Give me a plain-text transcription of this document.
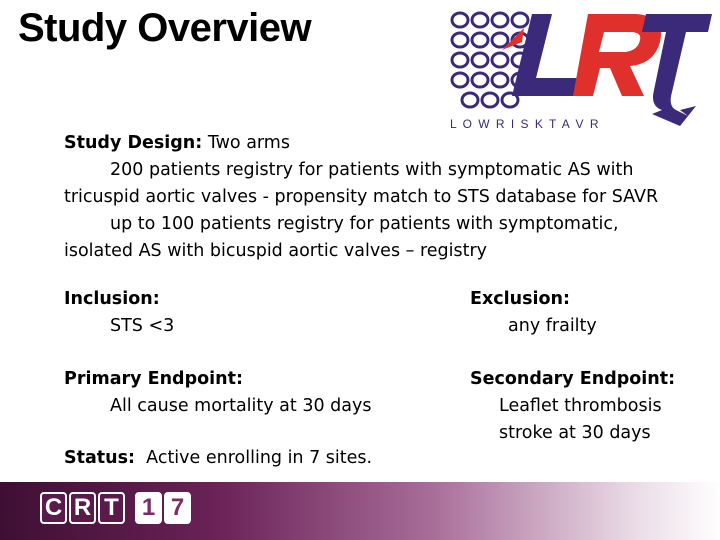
Study Overview
L O W R I S K T A V R
Study Design: Two arms
200 patients registry for patients with symptomatic AS with
tricuspid aortic valves - propensity match to STS database for SAVR
up to 100 patients registry for patients with symptomatic,
isolated AS with bicuspid aortic valves – registry
Inclusion:
STS <3
Exclusion:
any frailty
Primary Endpoint:
All cause mortality at 30 days
Secondary Endpoint:
Leaflet thrombosis
stroke at 30 days
Status:  Active enrolling in 7 sites.
C R T 1 7
